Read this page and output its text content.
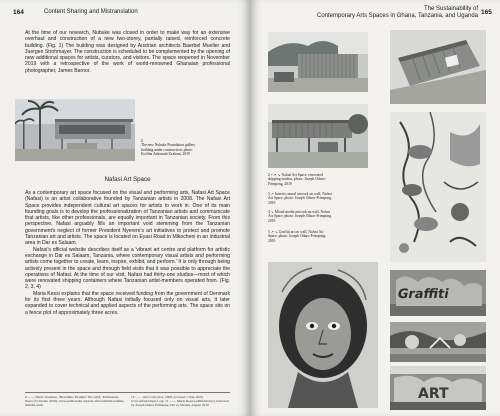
164	Content Sharing and Mistranslation

At the time of our research, Nubuke was closed in order to make way for an extensive overhaul and construction of a new two-storey, partially raised, reinforced concrete building. (Fig. 1) The building was designed by Austrian architects Baerbel Mueller and Juergen Strohmayer. The construction is scheduled to be complemented by the opening of new additional spaces for artists, curators, and visitors. The space reopened in November 2019 with a retrospective of the work of world-renowned Ghanaian professional photographer, James Barnor.

1
The new Nubuke Foundation gallery building under construction, photo: Kofitha Ankomah-Graham, 2019
Nafasi Art Space

As a contemporary art space focused on the visual and performing arts, Nafasi Art Space (Nafasi) is an artist collaborative founded by Tanzanian artists in 2008. The Nafasi Art Space provides independent cultural art spaces for artists to work in. One of its main founding goals is to develop the professionalization of Tanzanian artists and communicate that artists, like other professionals, are equally important in Tanzanian society. From this perspective, Nafasi arguably fills an important void stemming from the Tanzanian government's neglect of former President Nyerere's art initiatives to protect and promote Tanzanian art and artists. The space is located on Eyasi Road in Mikocheni in an industrial area in Dar es Salaam.

Nafasi's official website describes itself as a 'vibrant art centre and platform for artistic exchange in Dar es Salaam, Tanzania, where contemporary visual artists and performing artists come together to create, learn, inspire, exhibit, and perform.' It is only through being actively present in the space and through field visits that it was possible to appreciate the operations of Nafasi. At the time of our visit, Nafasi had thirty-one studios—most of which were renovated shipping containers where Tanzanian artist-members operated from. (Fig. 2, 3, 4)

Maria Kessi explains that the space received funding from the government of Denmark for its first three years. Although Nafasi initially focused only on visual arts, it later expanded to cover technical and applied aspects of the performing arts. The space sits on a fence plot of approximately three acres.

9 ........ Nkule Veremeta, 'Moruthma Thamhu: The artist,' Pambazuka News (3 October 2019), www.pambazuka.org/pan-africanism/moruthma-thamhu-artist
10 ........ Arts Collective, 2008, accessed 1 June 2020, www.nafasiartspace.org. 11 ........ Maria Kessi (administrator), interview by Joseph Oduro-Frimpong, Dar es Salaam, August 2019
The Sustainability of
Contemporary Arts Spaces in Ghana, Tanzania, and Uganda 165
2 ↑ ↗ ↘ Nafasi Art Space, renovated shipping studios, photo: Joseph Oduro-Frimpong, 2019
3 ↗ Interior, mural artwork on wall, Nafasi Art Space, photo: Joseph Oduro-Frimpong, 2019
4 ↘ Mixed media artwork on wall, Nafasi Art Space, photo: Joseph Oduro-Frimpong, 2019
5 ↗ ↘ Graffiti art on wall, Nafasi Art Space, photo: Joseph Oduro-Frimpong, 2019
Graffiti
ART
